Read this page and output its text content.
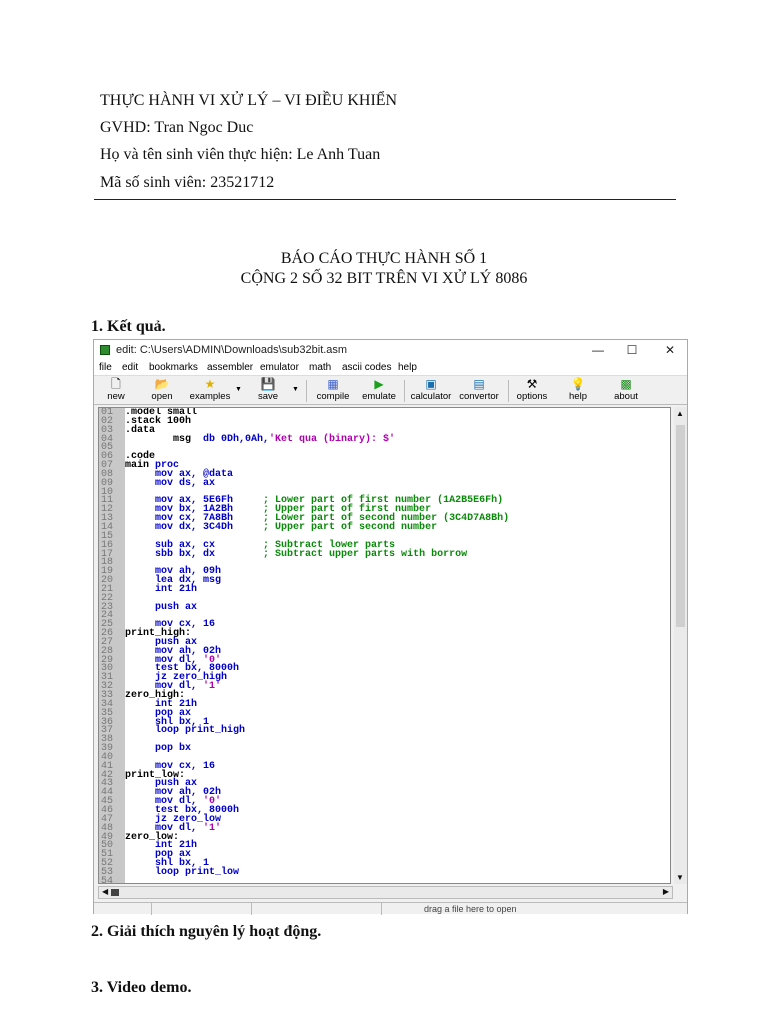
THỰC HÀNH VI XỬ LÝ – VI ĐIỀU KHIỂN
GVHD: Tran Ngoc Duc
Họ và tên sinh viên thực hiện: Le Anh Tuan
Mã số sinh viên: 23521712
BÁO CÁO THỰC HÀNH SỐ 1
CỘNG 2 SỐ 32 BIT TRÊN VI XỬ LÝ 8086
1. Kết quả.
edit: C:\Users\ADMIN\Downloads\sub32bit.asm	—	☐	✕
file edit bookmarks assembler emulator math ascii codes help
🗋
new
📂
open
★
examples
▼	💾
save
▼	▦
compile
▶
emulate
▣
calculator
▤
convertor
⚒
options
💡
help
▩
about
01 .model small
02 .stack 100h
03 .data
04        msg  db 0Dh,0Ah,'Ket qua (binary): $'
05
06 .code
07 main proc
08	mov ax, @data
09	mov ds, ax
10
11	mov ax, 5E6Fh     ; Lower part of first number (1A2B5E6Fh)
12	mov bx, 1A2Bh     ; Upper part of first number
13	mov cx, 7A8Bh     ; Lower part of second number (3C4D7A8Bh)
14	mov dx, 3C4Dh     ; Upper part of second number
15
16	sub ax, cx        ; Subtract lower parts
17	sbb bx, dx        ; Subtract upper parts with borrow
18
19	mov ah, 09h
20	lea dx, msg
21	int 21h
22
23	push ax
24
25	mov cx, 16
26 print_high:
27	push ax
28	mov ah, 02h
29	mov dl, '0'
30	test bx, 8000h
31	jz zero_high
32	mov dl, '1'
33 zero_high:
34	int 21h
35	pop ax
36	shl bx, 1
37	loop print_high
38
39	pop bx
40
41	mov cx, 16
42 print_low:
43	push ax
44	mov ah, 02h
45	mov dl, '0'
46	test bx, 8000h
47	jz zero_low
48	mov dl, '1'
49 zero_low:
50	int 21h
51	pop ax
52	shl bx, 1
53	loop print_low
54
▲
▼
◀	▶
drag a file here to open
2. Giải thích nguyên lý hoạt động.
3. Video demo.
